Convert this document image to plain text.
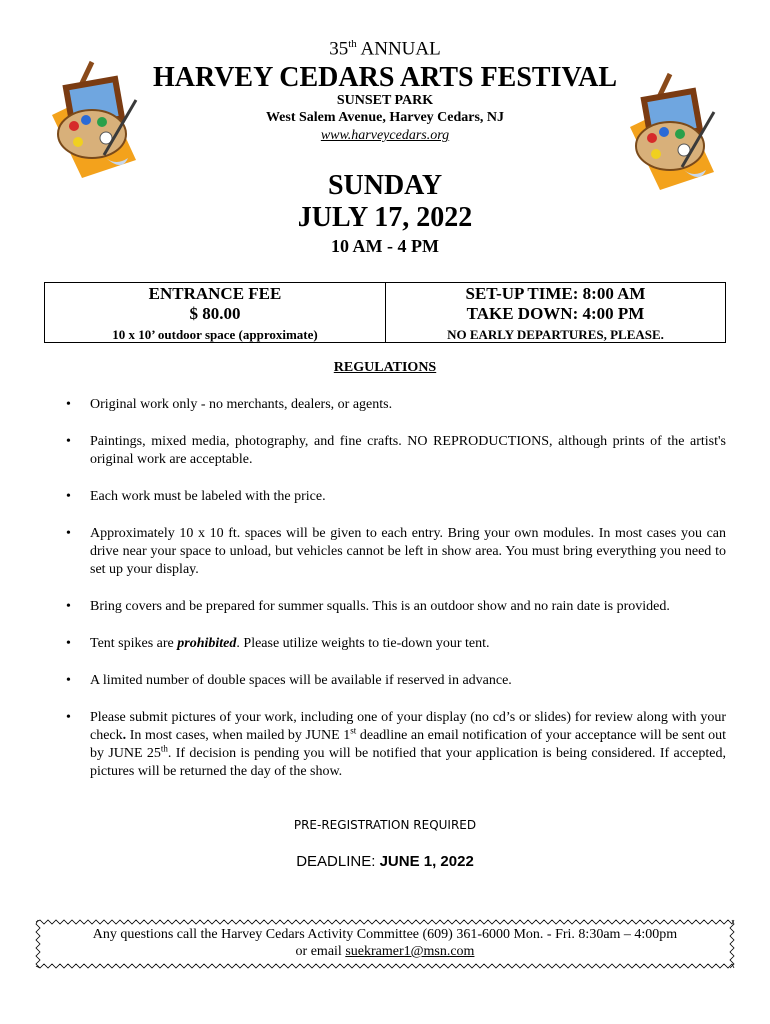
35th ANNUAL
HARVEY CEDARS ARTS FESTIVAL
SUNSET PARK
West Salem Avenue, Harvey Cedars, NJ
www.harveycedars.org
SUNDAY
JULY 17, 2022
10 AM - 4 PM
ENTRANCE FEE
$ 80.00
10 x 10’ outdoor space (approximate)
SET-UP TIME: 8:00 AM
TAKE DOWN: 4:00 PM
NO EARLY DEPARTURES, PLEASE.
REGULATIONS
• Original work only - no merchants, dealers, or agents.
• Paintings, mixed media, photography, and fine crafts. NO REPRODUCTIONS, although prints of the artist's original work are acceptable.
• Each work must be labeled with the price.
• Approximately 10 x 10 ft. spaces will be given to each entry. Bring your own modules. In most cases you can drive near your space to unload, but vehicles cannot be left in show area. You must bring everything you need to set up your display.
• Bring covers and be prepared for summer squalls. This is an outdoor show and no rain date is provided.
• Tent spikes are prohibited. Please utilize weights to tie-down your tent.
• A limited number of double spaces will be available if reserved in advance.
• Please submit pictures of your work, including one of your display (no cd’s or slides) for review along with your check. In most cases, when mailed by JUNE 1st deadline an email notification of your acceptance will be sent out by JUNE 25th. If decision is pending you will be notified that your application is being considered. If accepted, pictures will be returned the day of the show.
PRE-REGISTRATION REQUIRED
DEADLINE: JUNE 1, 2022
Any questions call the Harvey Cedars Activity Committee (609) 361-6000 Mon. - Fri. 8:30am – 4:00pm
or email suekramer1@msn.com
